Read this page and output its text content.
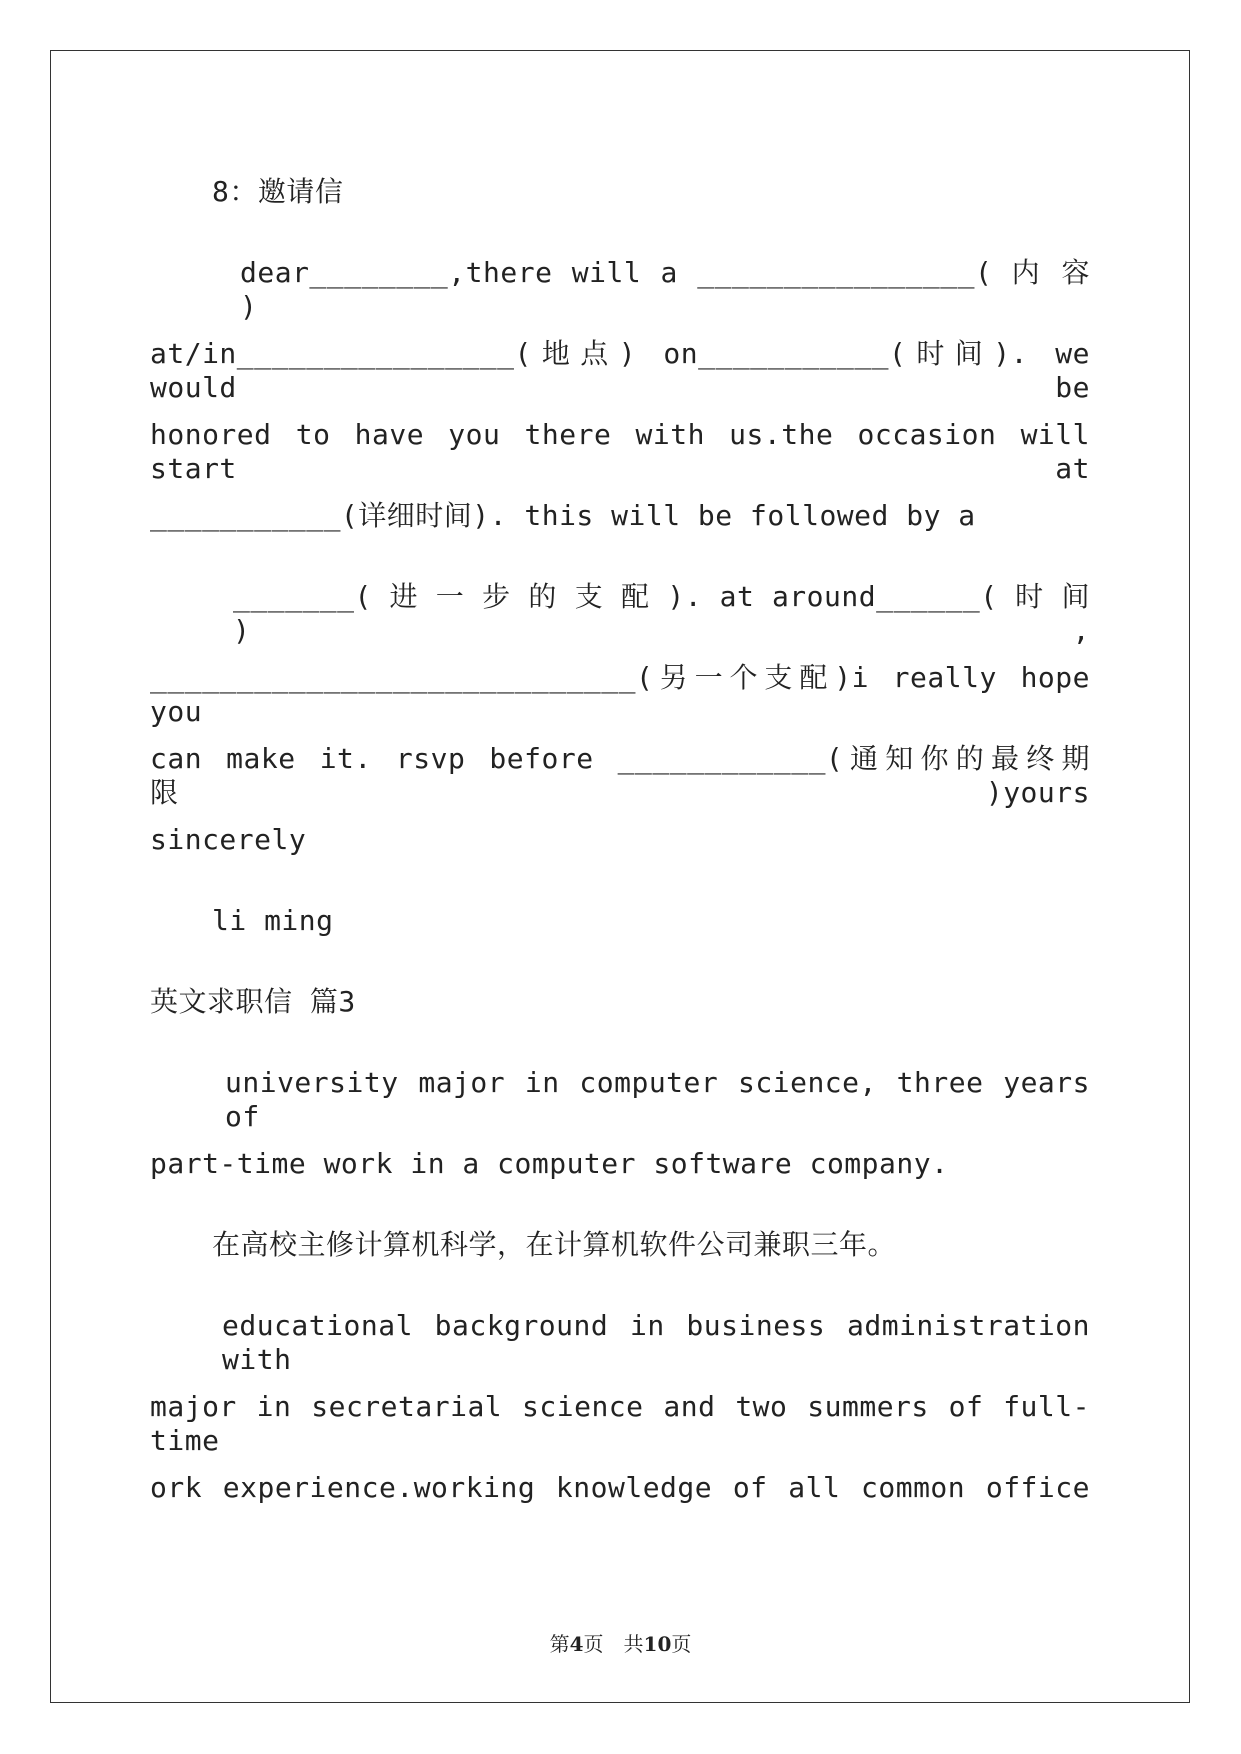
8：邀请信
dear________,there will a ________________( 内 容 )
at/in________________(地点) on___________(时间). we would be
honored to have you there with us.the occasion will start at
___________(详细时间). this will be followed by a
_______( 进 一 步 的 支 配 ). at around______( 时 间 ) ,
____________________________(另一个支配)i really hope you
can make it. rsvp before ____________(通知你的最终期限)yours
sincerely
li ming
英文求职信 篇3
university major in computer science, three years of
part-time work in a computer software company.
在高校主修计算机科学，在计算机软件公司兼职三年。
educational background in business administration with
major in secretarial science and two summers of full-time
ork experience.working knowledge of all common office
第4页　共10页
